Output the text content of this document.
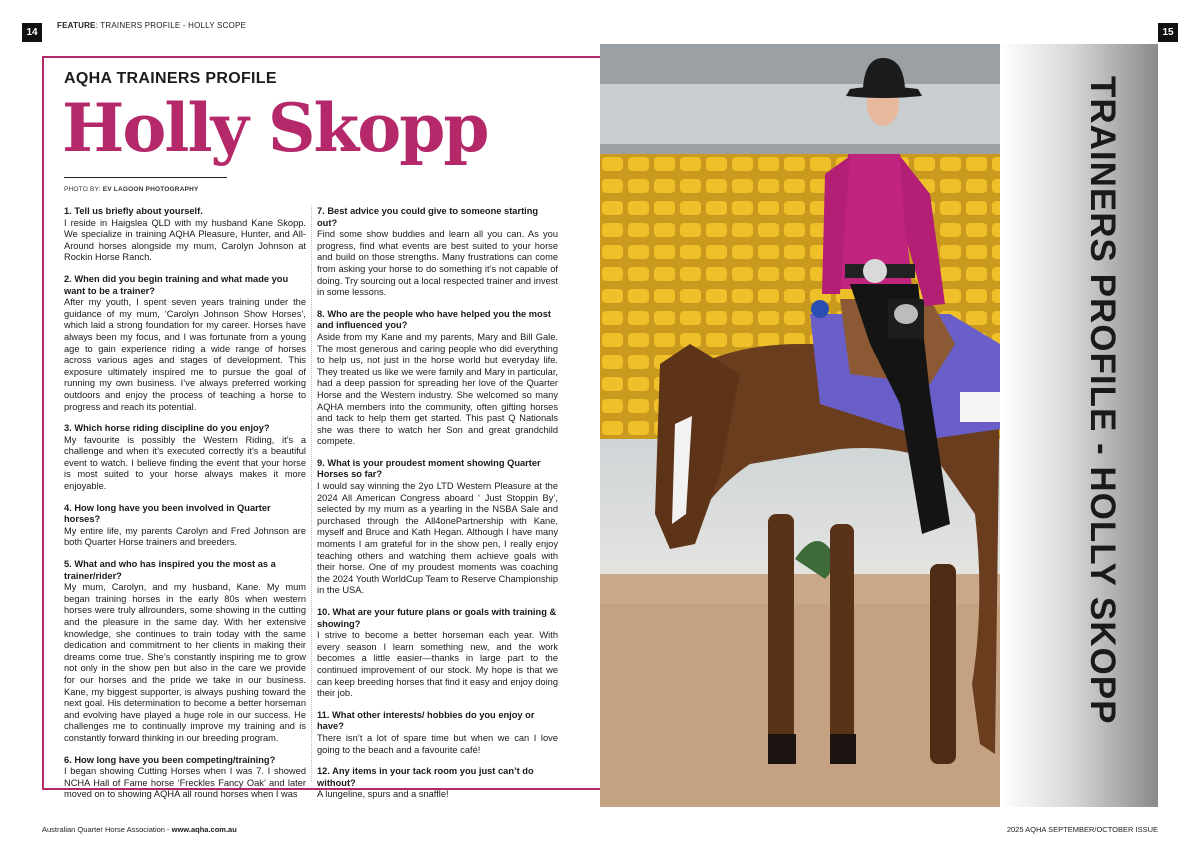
14	15
FEATURE: TRAINERS PROFILE - HOLLY SCOPE
AQHA TRAINERS PROFILE
Holly Skopp
PHOTO BY: EV LAGOON PHOTOGRAPHY

1. Tell us briefly about yourself.

I reside in Haigslea QLD with my husband Kane Skopp. We specialize in training AQHA Pleasure, Hunter, and All-Around horses alongside my mum, Carolyn Johnson at Rockin Horse Ranch.

2. When did you begin training and what made you want to be a trainer?

After my youth, I spent seven years training under the guidance of my mum, ‘Carolyn Johnson Show Horses’, which laid a strong foundation for my career. Horses have always been my focus, and I was fortunate from a young age to gain experience riding a wide range of horses across various ages and stages of development. This exposure ultimately inspired me to pursue the goal of running my own business. I’ve always preferred working outdoors and enjoy the process of teaching a horse to progress and reach its potential.

3. Which horse riding discipline do you enjoy?

My favourite is possibly the Western Riding, it’s a challenge and when it’s executed correctly it’s a beautiful event to watch. I believe finding the event that your horse is most suited to your horse always makes it more enjoyable.

4. How long have you been involved in Quarter horses?

My entire life, my parents Carolyn and Fred Johnson are both Quarter Horse trainers and breeders.

5. What and who has inspired you the most as a trainer/rider?

My mum, Carolyn, and my husband, Kane. My mum began training horses in the early 80s when western horses were truly allrounders, some showing in the cutting and the pleasure in the same day. With her extensive knowledge, she continues to train today with the same dedication and commitment to her clients in making their dreams come true. She’s constantly inspiring me to grow not only in the show pen but also in the care we provide for our horses and the pride we take in our business. Kane, my biggest supporter, is always pushing toward the next goal. His determination to become a better horseman and evolving have played a huge role in our success. He challenges me to continually improve my training and is constantly forward thinking in our breeding program.

6. How long have you been competing/training?

I began showing Cutting Horses when I was 7. I showed NCHA Hall of Fame horse ‘Freckles Fancy Oak’ and later moved on to showing AQHA all round horses when I was

7. Best advice you could give to someone starting out?

Find some show buddies and learn all you can. As you progress, find what events are best suited to your horse and build on those strengths. Many frustrations can come from asking your horse to do something it’s not capable of doing. Try sourcing out a local respected trainer and invest in some lessons.

8. Who are the people who have helped you the most and influenced you?

Aside from my Kane and my parents, Mary and Bill Gale. The most generous and caring people who did everything to help us, not just in the horse world but everyday life. They treated us like we were family and Mary in particular, had a deep passion for spreading her love of the Quarter Horse and the Western industry. She welcomed so many AQHA members into the community, often gifting horses and tack to help them get started. This past Q Nationals she was there to watch her Son and great grandchild compete.

9. What is your proudest moment showing Quarter Horses so far?

I would say winning the 2yo LTD Western Pleasure at the 2024 All American Congress aboard ‘ Just Stoppin By’, selected by my mum as a yearling in the NSBA Sale and purchased through the All4onePartnership with Kane, myself and Bruce and Kath Hegan. Although I have many moments I am grateful for in the show pen, I really enjoy teaching others and watching them achieve goals with their horse. One of my proudest moments was coaching the 2024 Youth WorldCup Team to Reserve Championship in the USA.

10. What are your future plans or goals with training & showing?

I strive to become a better horseman each year. With every season I learn something new, and the work becomes a little easier—thanks in large part to the continued improvement of our stock. My hope is that we can keep breeding horses that find it easy and enjoy doing their job.

11. What other interests/ hobbies do you enjoy or have?

There isn’t a lot of spare time but when we can I love going to the beach and a favourite café!

12. Any items in your tack room you just can’t do without?

A lungeline, spurs and a snaffle!

TRAINERS PROFILE - HOLLY SKOPP
Australian Quarter Horse Association - www.aqha.com.au	2025 AQHA SEPTEMBER/OCTOBER ISSUE
